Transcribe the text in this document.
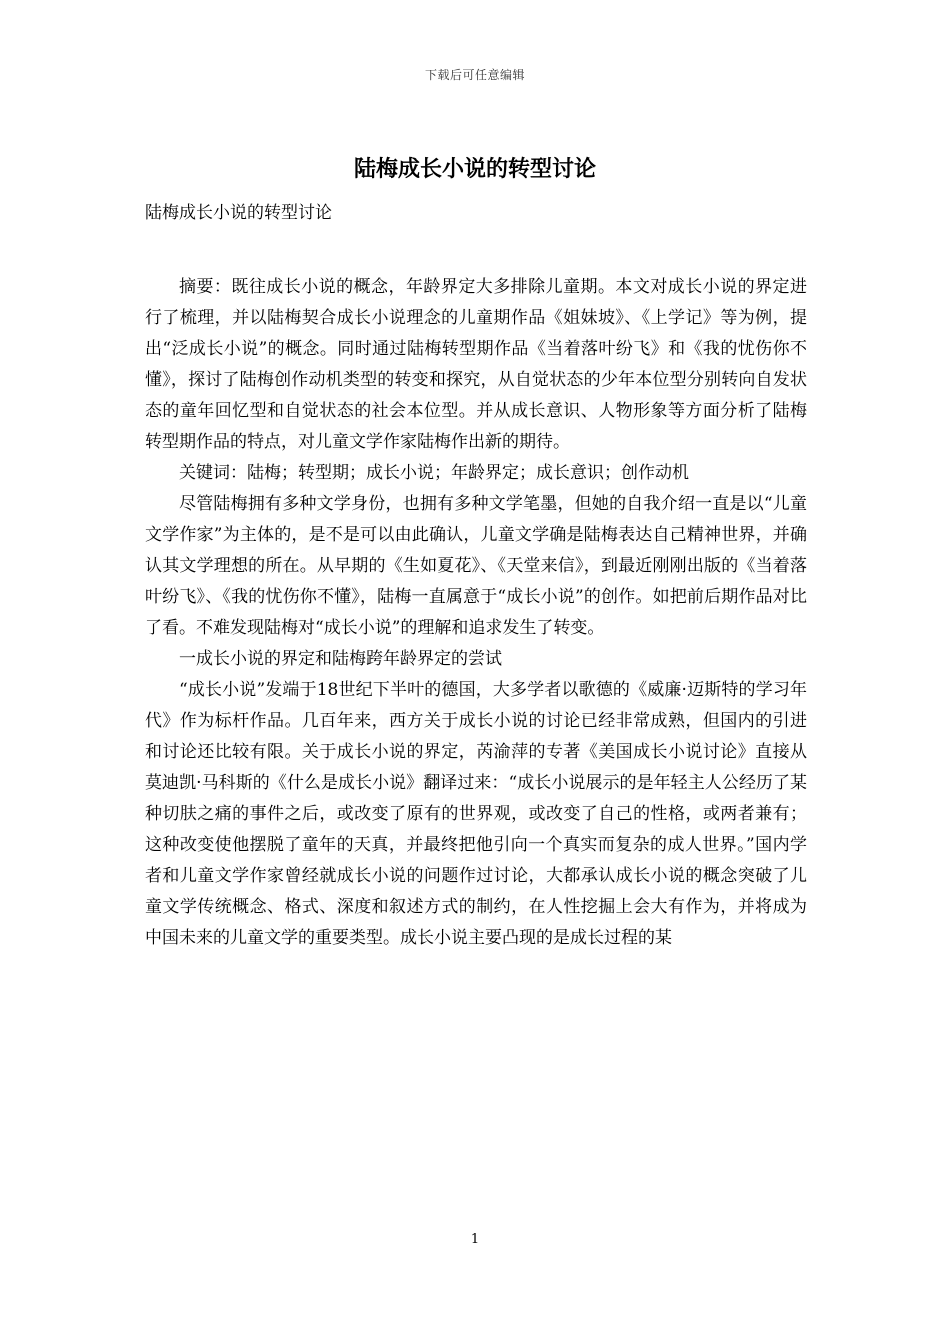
下载后可任意编辑
陆梅成长小说的转型讨论

陆梅成长小说的转型讨论

摘要：既往成长小说的概念，年龄界定大多排除儿童期。本文对成长小说的界定进行了梳理，并以陆梅契合成长小说理念的儿童期作品《姐妹坡》、《上学记》等为例，提出“泛成长小说”的概念。同时通过陆梅转型期作品《当着落叶纷飞》和《我的忧伤你不懂》，探讨了陆梅创作动机类型的转变和探究，从自觉状态的少年本位型分别转向自发状态的童年回忆型和自觉状态的社会本位型。并从成长意识、人物形象等方面分析了陆梅转型期作品的特点，对儿童文学作家陆梅作出新的期待。

关键词：陆梅；转型期；成长小说；年龄界定；成长意识；创作动机

尽管陆梅拥有多种文学身份，也拥有多种文学笔墨，但她的自我介绍一直是以“儿童文学作家”为主体的，是不是可以由此确认，儿童文学确是陆梅表达自己精神世界，并确认其文学理想的所在。从早期的《生如夏花》、《天堂来信》，到最近刚刚出版的《当着落叶纷飞》、《我的忧伤你不懂》，陆梅一直属意于“成长小说”的创作。如把前后期作品对比了看。不难发现陆梅对“成长小说”的理解和追求发生了转变。

一成长小说的界定和陆梅跨年龄界定的尝试

“成长小说”发端于18世纪下半叶的德国，大多学者以歌德的《威廉·迈斯特的学习年代》作为标杆作品。几百年来，西方关于成长小说的讨论已经非常成熟，但国内的引进和讨论还比较有限。关于成长小说的界定，芮渝萍的专著《美国成长小说讨论》直接从莫迪凯·马科斯的《什么是成长小说》翻译过来：“成长小说展示的是年轻主人公经历了某种切肤之痛的事件之后，或改变了原有的世界观，或改变了自己的性格，或两者兼有；这种改变使他摆脱了童年的天真，并最终把他引向一个真实而复杂的成人世界。”国内学者和儿童文学作家曾经就成长小说的问题作过讨论，大都承认成长小说的概念突破了儿童文学传统概念、格式、深度和叙述方式的制约，在人性挖掘上会大有作为，并将成为中国未来的儿童文学的重要类型。成长小说主要凸现的是成长过程的某

1
